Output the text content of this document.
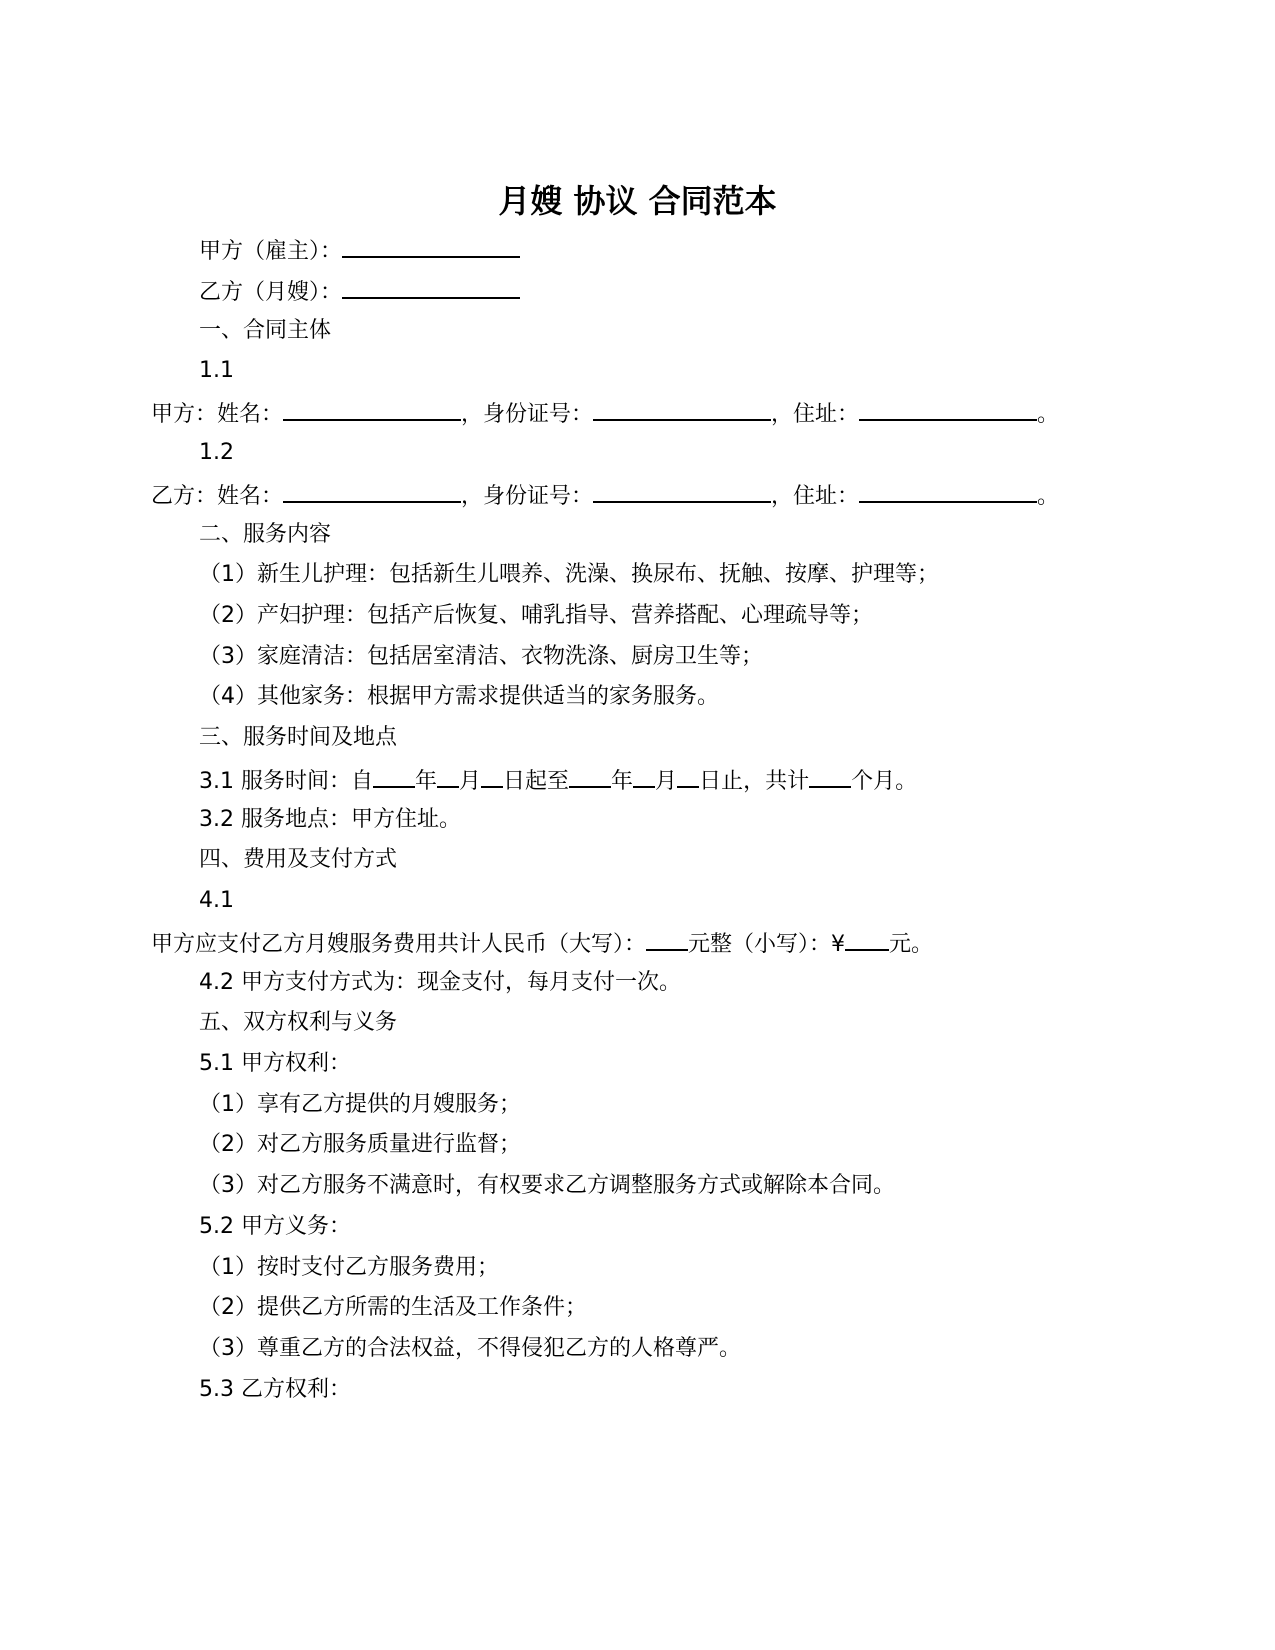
月嫂 协议 合同范本
甲方（雇主）：
乙方（月嫂）：
一、合同主体
1.1
甲方：姓名：	，身份证号：	，住址：	。
1.2
乙方：姓名：	，身份证号：	，住址：	。
二、服务内容
（1）新生儿护理：包括新生儿喂养、洗澡、换尿布、抚触、按摩、护理等；
（2）产妇护理：包括产后恢复、哺乳指导、营养搭配、心理疏导等；
（3）家庭清洁：包括居室清洁、衣物洗涤、厨房卫生等；
（4）其他家务：根据甲方需求提供适当的家务服务。
三、服务时间及地点
3.1 服务时间：自 年 月 日起至 年 月 日止，共计 个月。
3.2 服务地点：甲方住址。
四、费用及支付方式
4.1
甲方应支付乙方月嫂服务费用共计人民币（大写）： 元整（小写）：¥ 元。
4.2 甲方支付方式为：现金支付，每月支付一次。
五、双方权利与义务
5.1 甲方权利：
（1）享有乙方提供的月嫂服务；
（2）对乙方服务质量进行监督；
（3）对乙方服务不满意时，有权要求乙方调整服务方式或解除本合同。
5.2 甲方义务：
（1）按时支付乙方服务费用；
（2）提供乙方所需的生活及工作条件；
（3）尊重乙方的合法权益，不得侵犯乙方的人格尊严。
5.3 乙方权利：
